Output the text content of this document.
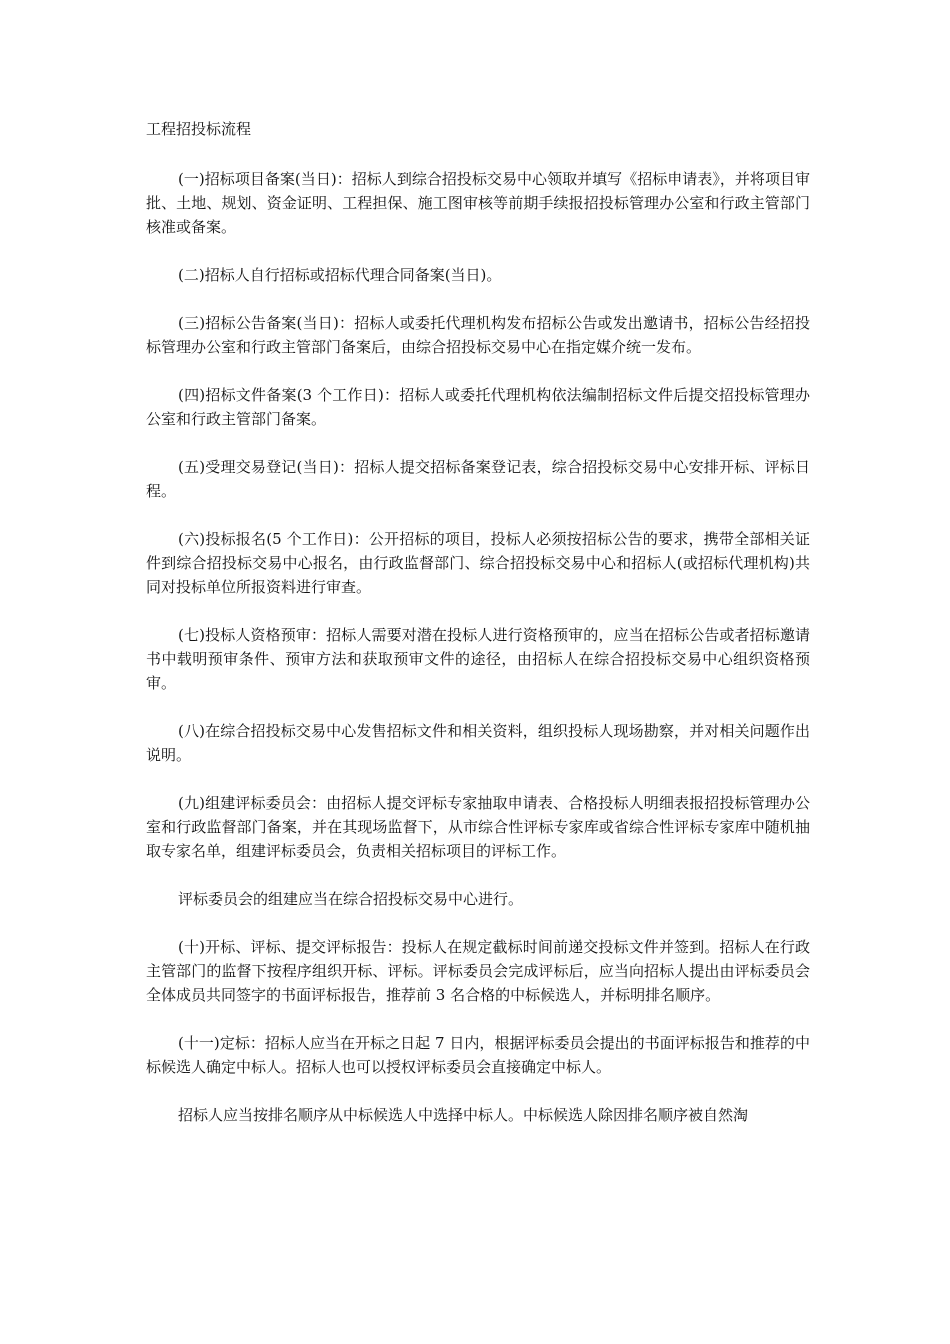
工程招投标流程

(一)招标项目备案(当日)：招标人到综合招投标交易中心领取并填写《招标申请表》，并将项目审批、土地、规划、资金证明、工程担保、施工图审核等前期手续报招投标管理办公室和行政主管部门核准或备案。

(二)招标人自行招标或招标代理合同备案(当日)。

(三)招标公告备案(当日)：招标人或委托代理机构发布招标公告或发出邀请书，招标公告经招投标管理办公室和行政主管部门备案后，由综合招投标交易中心在指定媒介统一发布。

(四)招标文件备案(3 个工作日)：招标人或委托代理机构依法编制招标文件后提交招投标管理办公室和行政主管部门备案。

(五)受理交易登记(当日)：招标人提交招标备案登记表，综合招投标交易中心安排开标、评标日程。

(六)投标报名(5 个工作日)：公开招标的项目，投标人必须按招标公告的要求，携带全部相关证件到综合招投标交易中心报名，由行政监督部门、综合招投标交易中心和招标人(或招标代理机构)共同对投标单位所报资料进行审查。

(七)投标人资格预审：招标人需要对潜在投标人进行资格预审的，应当在招标公告或者招标邀请书中载明预审条件、预审方法和获取预审文件的途径，由招标人在综合招投标交易中心组织资格预审。

(八)在综合招投标交易中心发售招标文件和相关资料，组织投标人现场勘察，并对相关问题作出说明。

(九)组建评标委员会：由招标人提交评标专家抽取申请表、合格投标人明细表报招投标管理办公室和行政监督部门备案，并在其现场监督下，从市综合性评标专家库或省综合性评标专家库中随机抽取专家名单，组建评标委员会，负责相关招标项目的评标工作。

评标委员会的组建应当在综合招投标交易中心进行。

(十)开标、评标、提交评标报告：投标人在规定截标时间前递交投标文件并签到。招标人在行政主管部门的监督下按程序组织开标、评标。评标委员会完成评标后，应当向招标人提出由评标委员会全体成员共同签字的书面评标报告，推荐前 3 名合格的中标候选人，并标明排名顺序。

(十一)定标：招标人应当在开标之日起 7 日内，根据评标委员会提出的书面评标报告和推荐的中标候选人确定中标人。招标人也可以授权评标委员会直接确定中标人。

招标人应当按排名顺序从中标候选人中选择中标人。中标候选人除因排名顺序被自然淘
